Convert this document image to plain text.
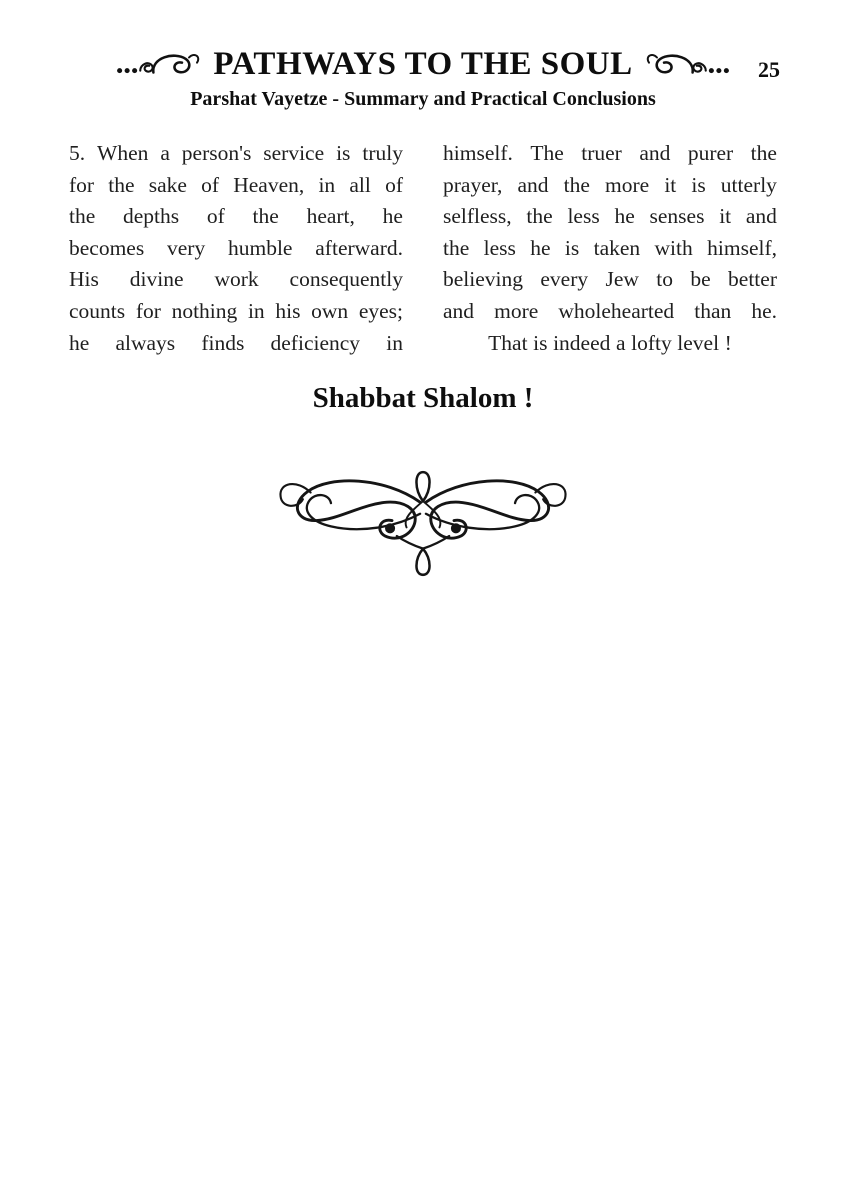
PATHWAYS TO THE SOUL	25
Parshat Vayetze - Summary and Practical Conclusions
5. When a person's service is truly
for the sake of Heaven, in all of
the depths of the heart, he
becomes very humble afterward.
His divine work consequently
counts for nothing in his own eyes;
he always finds deficiency in
himself. The truer and purer the
prayer, and the more it is utterly
selfless, the less he senses it and
the less he is taken with himself,
believing every Jew to be better
and more wholehearted than he.
That is indeed a lofty level !
Shabbat Shalom !
